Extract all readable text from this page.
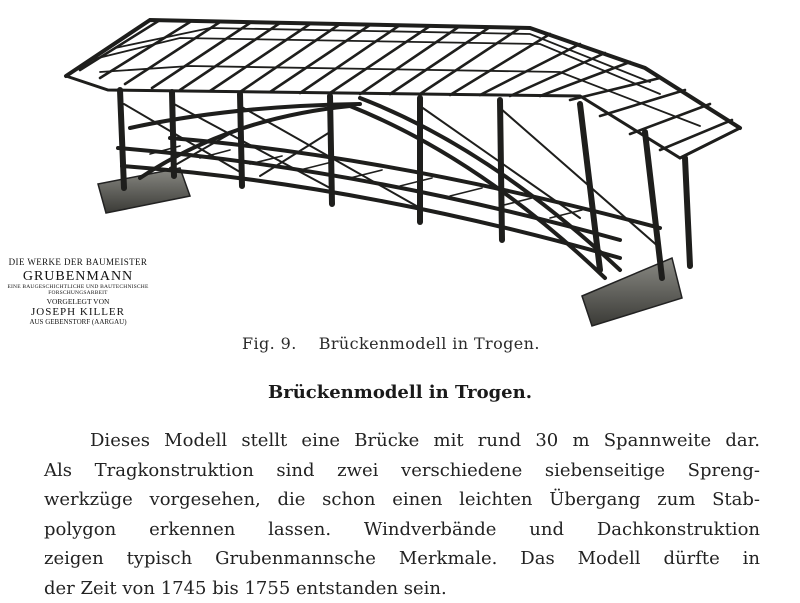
DIE WERKE DER BAUMEISTER
GRUBENMANN
EINE BAUGESCHICHTLICHE UND BAUTECHNISCHE
FORSCHUNGSARBEIT
VORGELEGT VON
JOSEPH KILLER
AUS GEBENSTORF (AARGAU)
Fig. 9. Brückenmodell in Trogen.
Brückenmodell in Trogen.
Dieses Modell stellt eine Brücke mit rund 30 m Spannweite dar.
Als Tragkonstruktion sind zwei verschiedene siebenseitige Spreng-
werkzüge vorgesehen, die schon einen leichten Übergang zum Stab-
polygon erkennen lassen. Windverbände und Dachkonstruktion
zeigen typisch Grubenmannsche Merkmale. Das Modell dürfte in
der Zeit von 1745 bis 1755 entstanden sein.
